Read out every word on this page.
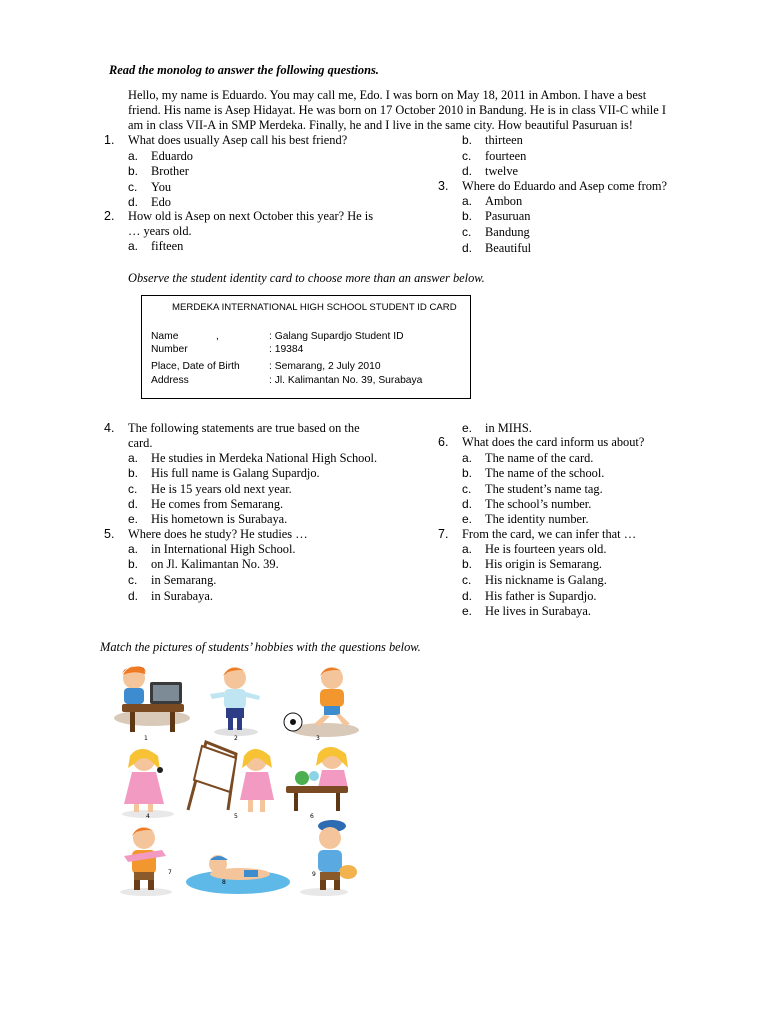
Read the monolog to answer the following questions.
Hello, my name is Eduardo. You may call me, Edo. I was born on May 18, 2011 in Ambon. I have a best
friend. His name is Asep Hidayat. He was born on 17 October 2010 in Bandung. He is in class VII-C while I
am in class VII-A in SMP Merdeka. Finally, he and I live in the same city. How beautiful Pasuruan is!
1. What does usually Asep call his best friend?
a. Eduardo
b. Brother
c. You
d. Edo
2. How old is Asep on next October this year? He is
… years old.
a. fifteen
b. thirteen
c. fourteen
d. twelve
3. Where do Eduardo and Asep come from?
a. Ambon
b. Pasuruan
c. Bandung
d. Beautiful
Observe the student identity card to choose more than an answer below.
MERDEKA INTERNATIONAL HIGH SCHOOL STUDENT ID CARD
Name	,	: Galang Supardjo Student ID
Number	: 19384
Place, Date of Birth	: Semarang, 2 July 2010
Address	: Jl. Kalimantan No. 39, Surabaya
4. The following statements are true based on the
card.
a. He studies in Merdeka National High School.
b. His full name is Galang Supardjo.
c. He is 15 years old next year.
d. He comes from Semarang.
e. His hometown is Surabaya.
5. Where does he study? He studies …
a. in International High School.
b. on Jl. Kalimantan No. 39.
c. in Semarang.
d. in Surabaya.
e. in MIHS.
6. What does the card inform us about?
a. The name of the card.
b. The name of the school.
c. The student’s name tag.
d. The school’s number.
e. The identity number.
7. From the card, we can infer that …
a. He is fourteen years old.
b. His origin is Semarang.
c. His nickname is Galang.
d. His father is Supardjo.
e. He lives in Surabaya.
Match the pictures of students’ hobbies with the questions below.
1	2	3
4	5	6
7
8
9
